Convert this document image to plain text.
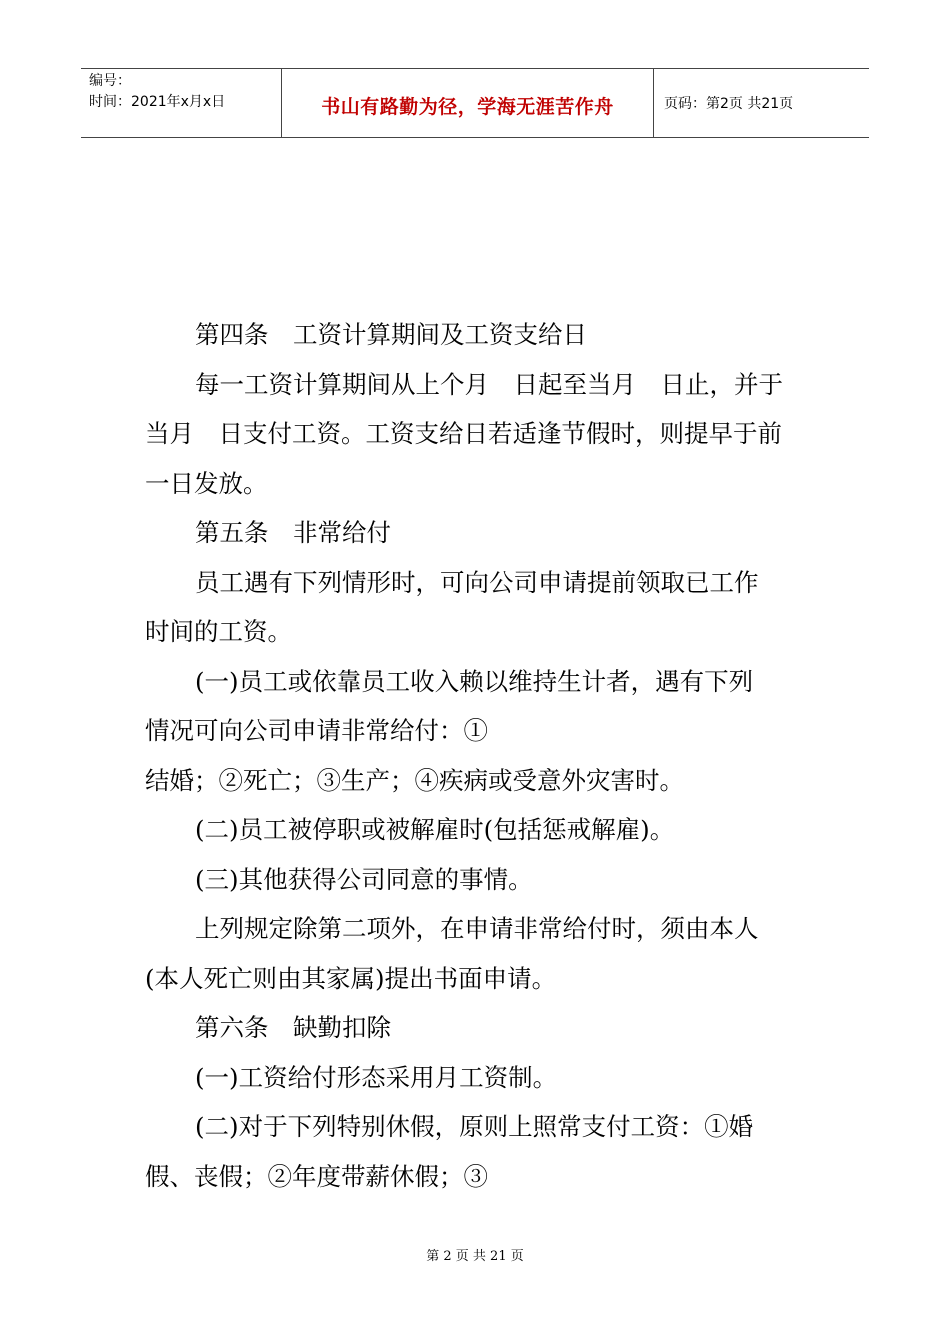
编号：
时间：2021年x月x日	书山有路勤为径，学海无涯苦作舟	页码：第2页 共21页

第四条　工资计算期间及工资支给日

每一工资计算期间从上个月　日起至当月　日止，并于

当月　日支付工资。工资支给日若适逢节假时，则提早于前

一日发放。

第五条　非常给付

员工遇有下列情形时，可向公司申请提前领取已工作

时间的工资。

(一)员工或依靠员工收入赖以维持生计者，遇有下列

情况可向公司申请非常给付：①

结婚；②死亡；③生产；④疾病或受意外灾害时。

(二)员工被停职或被解雇时(包括惩戒解雇)。

(三)其他获得公司同意的事情。

上列规定除第二项外，在申请非常给付时，须由本人

(本人死亡则由其家属)提出书面申请。

第六条　缺勤扣除

(一)工资给付形态采用月工资制。

(二)对于下列特别休假，原则上照常支付工资：①婚

假、丧假；②年度带薪休假；③

第 2 页 共 21 页
